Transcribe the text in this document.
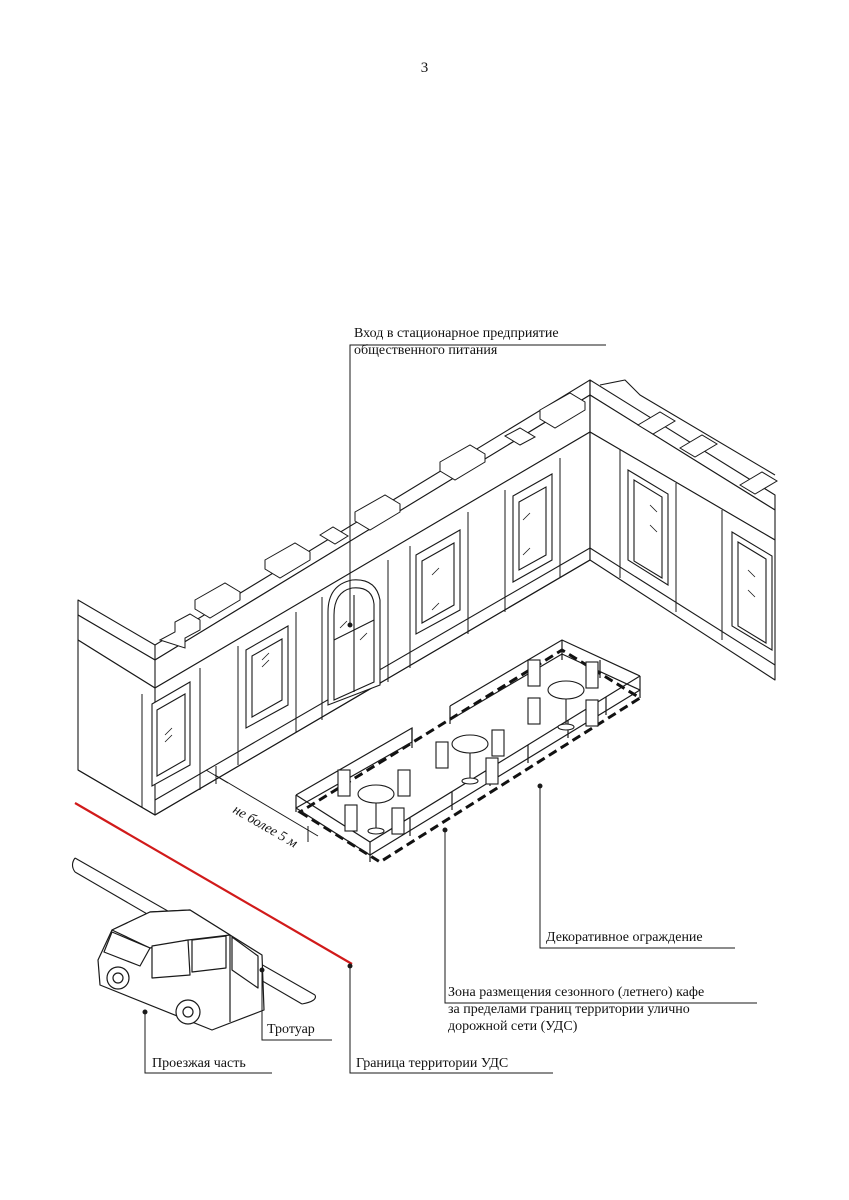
3
не более 5 м
Вход в стационарное предприятие
общественного питания
Декоративное ограждение
Зона размещения сезонного (летнего) кафе
за пределами границ территории улично
дорожной сети (УДС)
Тротуар
Проезжая часть	Граница территории УДС
